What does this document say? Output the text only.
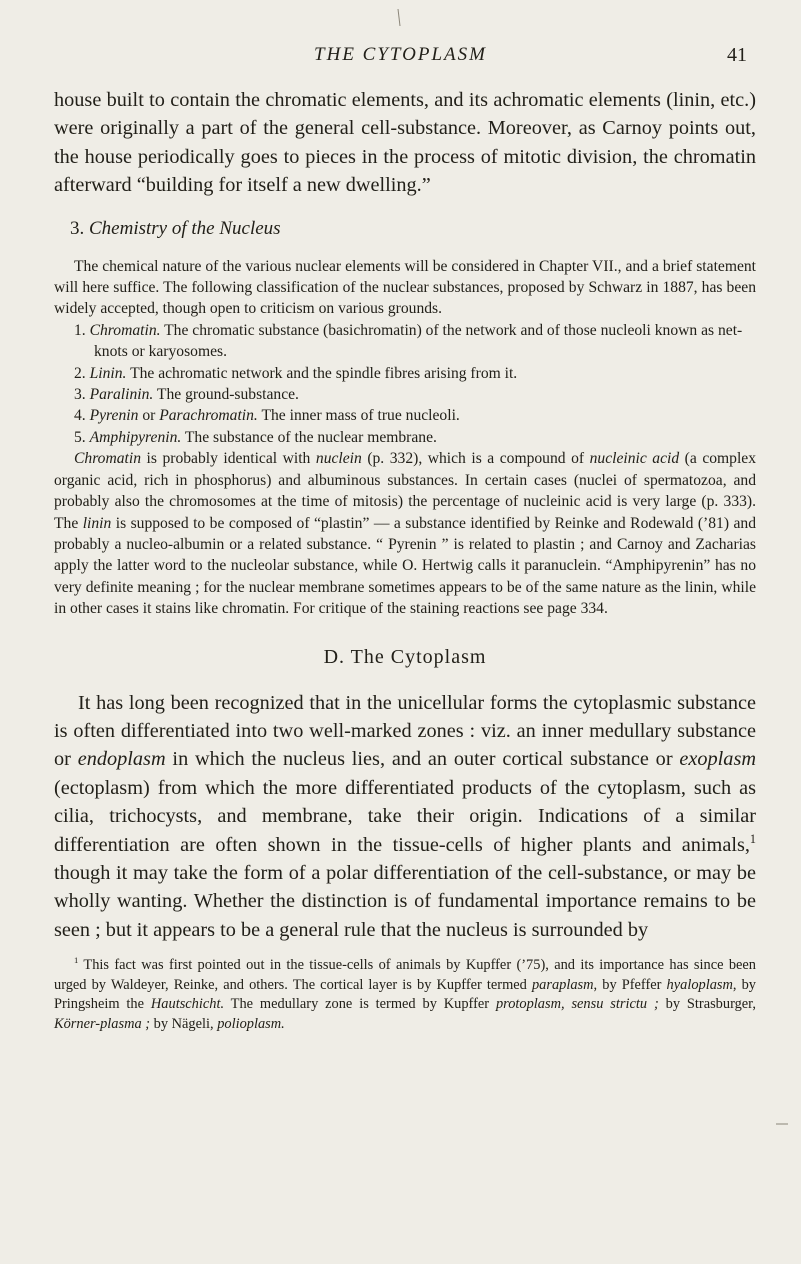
THE CYTOPLASM	41

house built to contain the chromatic elements, and its achromatic elements (linin, etc.) were originally a part of the general cell-substance. Moreover, as Carnoy points out, the house periodically goes to pieces in the process of mitotic division, the chromatin afterward “building for itself a new dwelling.”

3. Chemistry of the Nucleus

The chemical nature of the various nuclear elements will be considered in Chapter VII., and a brief statement will here suffice. The following classification of the nuclear substances, proposed by Schwarz in 1887, has been widely accepted, though open to criticism on various grounds.

1. Chromatin. The chromatic substance (basichromatin) of the network and of those nucleoli known as net-knots or karyosomes.
2. Linin. The achromatic network and the spindle fibres arising from it.
3. Paralinin. The ground-substance.
4. Pyrenin or Parachromatin. The inner mass of true nucleoli.
5. Amphipyrenin. The substance of the nuclear membrane.

Chromatin is probably identical with nuclein (p. 332), which is a compound of nucleinic acid (a complex organic acid, rich in phosphorus) and albuminous substances. In certain cases (nuclei of spermatozoa, and probably also the chromosomes at the time of mitosis) the percentage of nucleinic acid is very large (p. 333). The linin is supposed to be composed of “plastin” — a substance identified by Reinke and Rodewald (’81) and probably a nucleo-albumin or a related substance. “ Pyrenin ” is related to plastin ; and Carnoy and Zacharias apply the latter word to the nucleolar substance, while O. Hertwig calls it paranuclein. “Amphipyrenin” has no very definite meaning ; for the nuclear membrane sometimes appears to be of the same nature as the linin, while in other cases it stains like chromatin. For critique of the staining reactions see page 334.

D. The Cytoplasm

It has long been recognized that in the unicellular forms the cytoplasmic substance is often differentiated into two well-marked zones : viz. an inner medullary substance or endoplasm in which the nucleus lies, and an outer cortical substance or exoplasm (ectoplasm) from which the more differentiated products of the cytoplasm, such as cilia, trichocysts, and membrane, take their origin. Indications of a similar differentiation are often shown in the tissue-cells of higher plants and animals,$^1$ though it may take the form of a polar differentiation of the cell-substance, or may be wholly wanting. Whether the distinction is of fundamental importance remains to be seen ; but it appears to be a general rule that the nucleus is surrounded by

$^1$ This fact was first pointed out in the tissue-cells of animals by Kupffer (’75), and its importance has since been urged by Waldeyer, Reinke, and others. The cortical layer is by Kupffer termed paraplasm, by Pfeffer hyaloplasm, by Pringsheim the Hautschicht. The medullary zone is termed by Kupffer protoplasm, sensu strictu ; by Strasburger, Körner-plasma ; by Nägeli, polioplasm.
